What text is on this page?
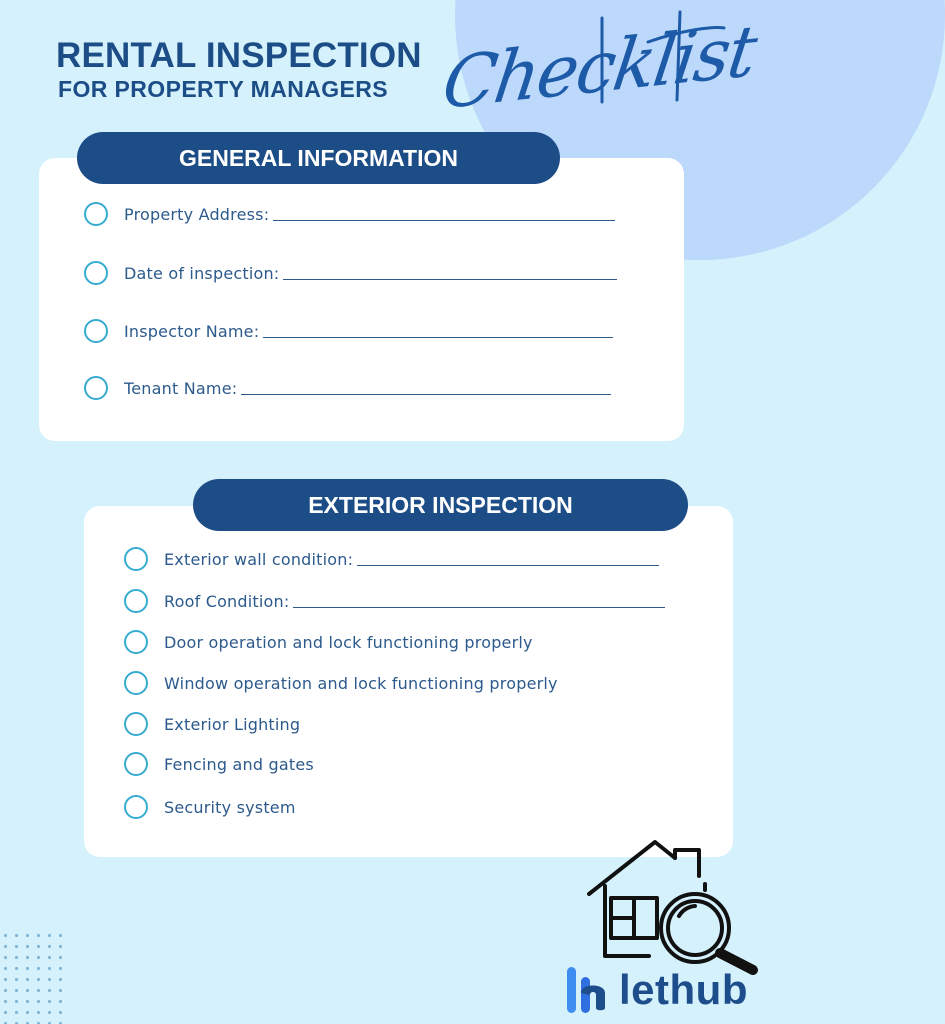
RENTAL INSPECTION
FOR PROPERTY MANAGERS Checklist
GENERAL INFORMATION
Property Address:
Date of inspection:
Inspector Name:
Tenant Name:
EXTERIOR INSPECTION
Exterior wall condition:
Roof Condition:
Door operation and lock functioning properly
Window operation and lock functioning properly
Exterior Lighting
Fencing and gates
Security system
lethub
